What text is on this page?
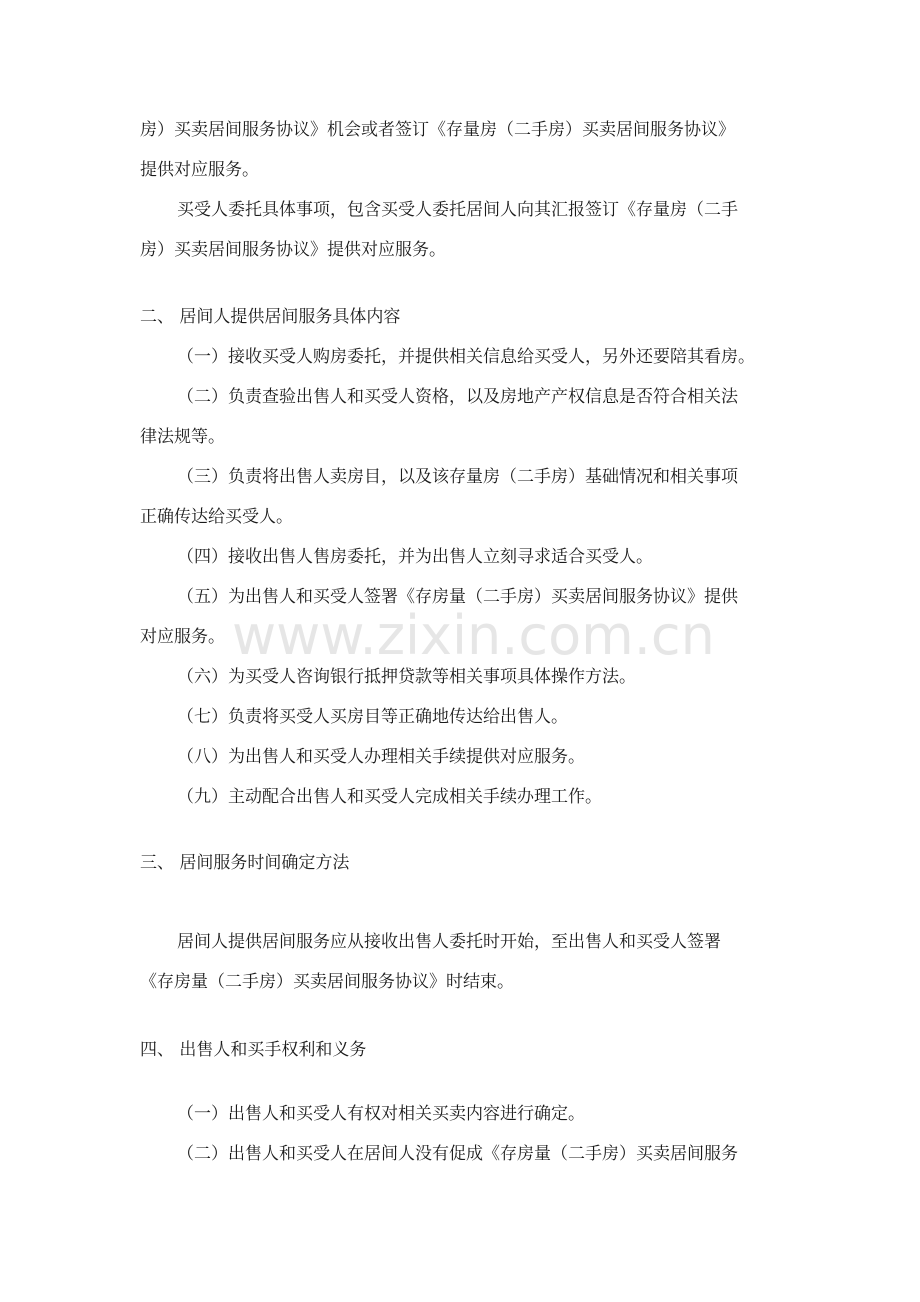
www.zixin.com.cn
房）买卖居间服务协议》机会或者签订《存量房（二手房）买卖居间服务协议》
提供对应服务。
买受人委托具体事项，包含买受人委托居间人向其汇报签订《存量房（二手
房）买卖居间服务协议》提供对应服务。
二、 居间人提供居间服务具体内容
（一）接收买受人购房委托，并提供相关信息给买受人，另外还要陪其看房。
（二）负责查验出售人和买受人资格，以及房地产产权信息是否符合相关法
律法规等。
（三）负责将出售人卖房目，以及该存量房（二手房）基础情况和相关事项
正确传达给买受人。
（四）接收出售人售房委托，并为出售人立刻寻求适合买受人。
（五）为出售人和买受人签署《存房量（二手房）买卖居间服务协议》提供
对应服务。
（六）为买受人咨询银行抵押贷款等相关事项具体操作方法。
（七）负责将买受人买房目等正确地传达给出售人。
（八）为出售人和买受人办理相关手续提供对应服务。
（九）主动配合出售人和买受人完成相关手续办理工作。
三、 居间服务时间确定方法
居间人提供居间服务应从接收出售人委托时开始，至出售人和买受人签署
《存房量（二手房）买卖居间服务协议》时结束。
四、 出售人和买手权利和义务
（一）出售人和买受人有权对相关买卖内容进行确定。
（二）出售人和买受人在居间人没有促成《存房量（二手房）买卖居间服务
